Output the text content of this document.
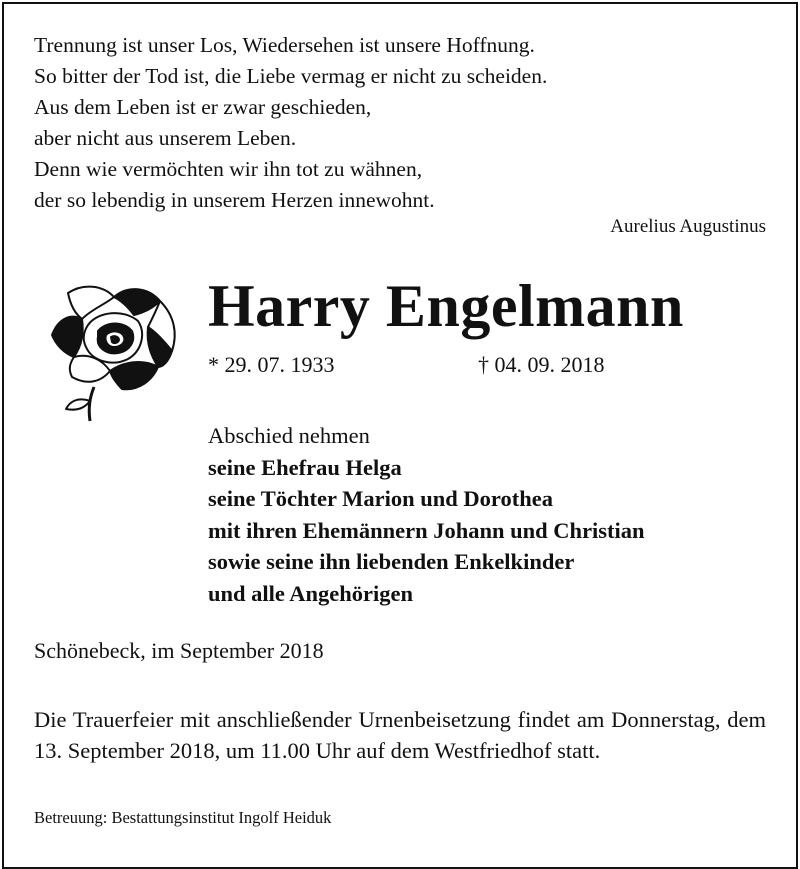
Trennung ist unser Los, Wiedersehen ist unsere Hoffnung.
So bitter der Tod ist, die Liebe vermag er nicht zu scheiden.
Aus dem Leben ist er zwar geschieden,
aber nicht aus unserem Leben.
Denn wie vermöchten wir ihn tot zu wähnen,
der so lebendig in unserem Herzen innewohnt.
Aurelius Augustinus
Harry Engelmann
* 29. 07. 1933	† 04. 09. 2018
Abschied nehmen
seine Ehefrau Helga
seine Töchter Marion und Dorothea
mit ihren Ehemännern Johann und Christian
sowie seine ihn liebenden Enkelkinder
und alle Angehörigen
Schönebeck, im September 2018
Die Trauerfeier mit anschließender Urnenbeisetzung findet am Donnerstag, dem 13. September 2018, um 11.00 Uhr auf dem Westfriedhof statt.
Betreuung: Bestattungsinstitut Ingolf Heiduk
